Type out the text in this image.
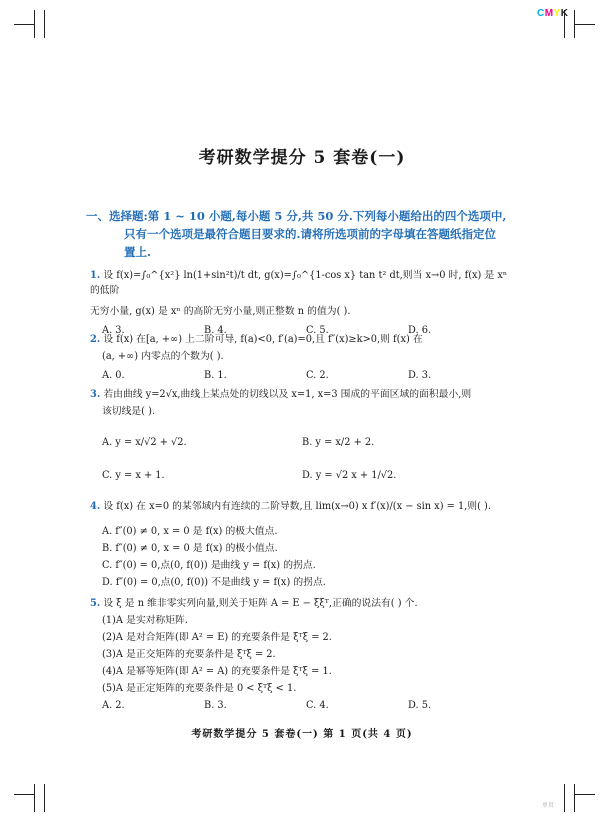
CMYK
考研数学提分 5 套卷(一)
一、选择题:第 1 ~ 10 小题,每小题 5 分,共 50 分.下列每小题给出的四个选项中,
只有一个选项是最符合题目要求的.请将所选项前的字母填在答题纸指定位
置上.
1. 设 f(x)=∫₀^{x²} ln(1+sin²t)/t dt, g(x)=∫₀^{1-cos x} tan t² dt,则当 x→0 时, f(x) 是 xⁿ 的低阶
无穷小量, g(x) 是 xⁿ 的高阶无穷小量,则正整数 n 的值为( ).
A. 3.	B. 4.	C. 5.	D. 6.
2. 设 f(x) 在[a, +∞) 上二阶可导, f(a)<0, f′(a)=0,且 f″(x)≥k>0,则 f(x) 在
(a, +∞) 内零点的个数为( ).
A. 0.	B. 1.	C. 2.	D. 3.
3. 若由曲线 y=2√x,曲线上某点处的切线以及 x=1, x=3 围成的平面区域的面积最小,则
该切线是( ).
A. y = x/√2 + √2.	B. y = x/2 + 2.
C. y = x + 1.	D. y = √2 x + 1/√2.
4. 设 f(x) 在 x=0 的某邻域内有连续的二阶导数,且 lim(x→0) x f′(x)/(x − sin x) = 1,则( ).
A. f″(0) ≠ 0, x = 0 是 f(x) 的极大值点.
B. f″(0) ≠ 0, x = 0 是 f(x) 的极小值点.
C. f″(0) = 0,点(0, f(0)) 是曲线 y = f(x) 的拐点.
D. f″(0) = 0,点(0, f(0)) 不是曲线 y = f(x) 的拐点.
5. 设 ξ 是 n 维非零实列向量,则关于矩阵 A = E − ξξᵀ,正确的说法有( ) 个.
(1)A 是实对称矩阵.
(2)A 是对合矩阵(即 A² = E) 的充要条件是 ξᵀξ = 2.
(3)A 是正交矩阵的充要条件是 ξᵀξ = 2.
(4)A 是幂等矩阵(即 A² = A) 的充要条件是 ξᵀξ = 1.
(5)A 是正定矩阵的充要条件是 0 < ξᵀξ < 1.
A. 2.	B. 3.	C. 4.	D. 5.
考研数学提分 5 套卷(一) 第 1 页(共 4 页)
单页
